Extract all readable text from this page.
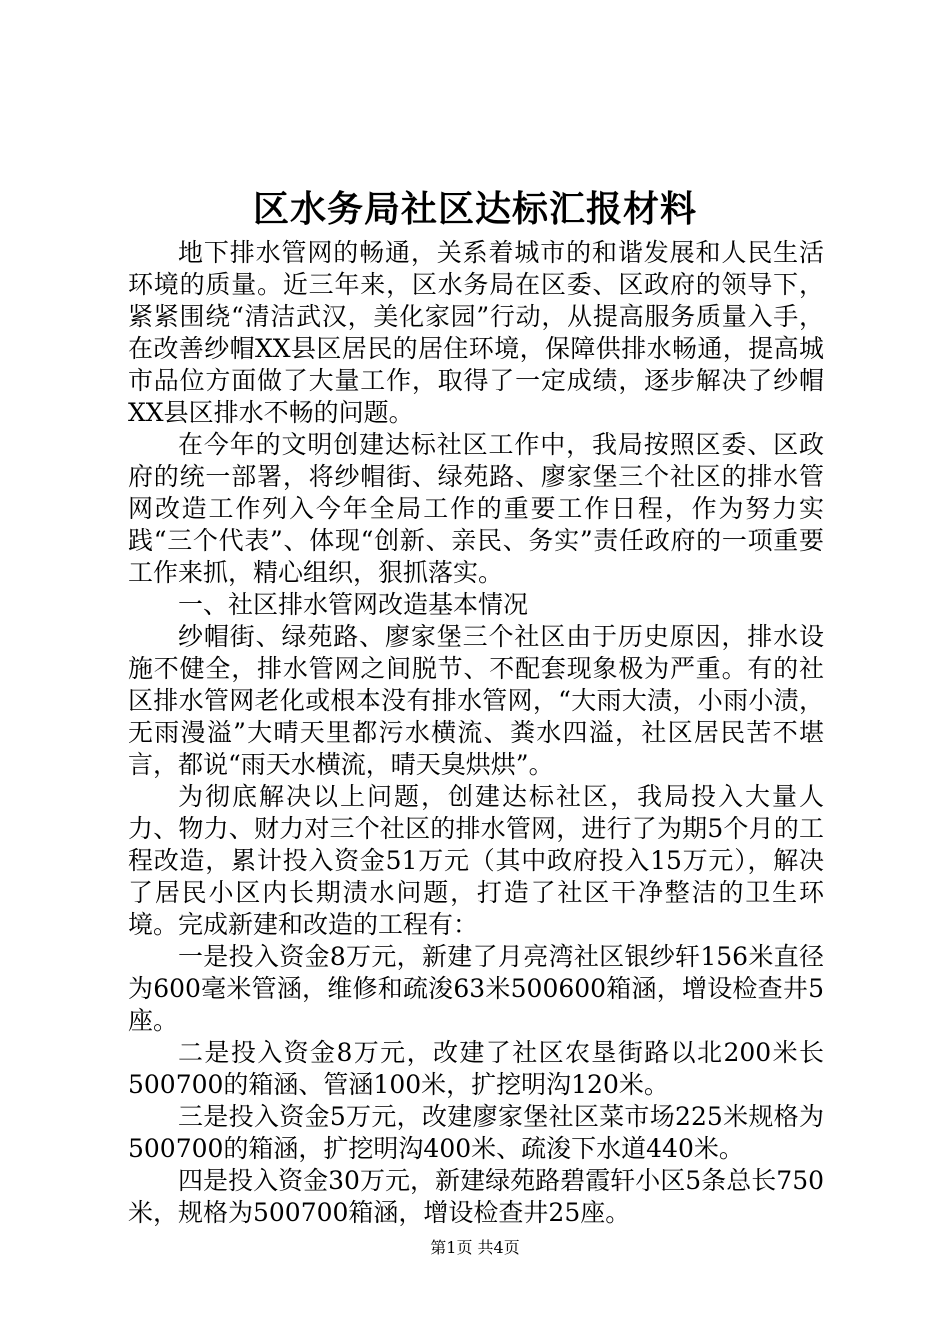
区水务局社区达标汇报材料

地下排水管网的畅通，关系着城市的和谐发展和人民生活环境的质量。近三年来，区水务局在区委、区政府的领导下，紧紧围绕“清洁武汉，美化家园”行动，从提高服务质量入手，在改善纱帽XX县区居民的居住环境，保障供排水畅通，提高城市品位方面做了大量工作，取得了一定成绩，逐步解决了纱帽XX县区排水不畅的问题。

在今年的文明创建达标社区工作中，我局按照区委、区政府的统一部署，将纱帽街、绿苑路、廖家堡三个社区的排水管网改造工作列入今年全局工作的重要工作日程，作为努力实践“三个代表”、体现“创新、亲民、务实”责任政府的一项重要工作来抓，精心组织，狠抓落实。

一、社区排水管网改造基本情况

纱帽街、绿苑路、廖家堡三个社区由于历史原因，排水设施不健全，排水管网之间脱节、不配套现象极为严重。有的社区排水管网老化或根本没有排水管网，“大雨大渍，小雨小渍，无雨漫溢”大晴天里都污水横流、粪水四溢，社区居民苦不堪言，都说“雨天水横流，晴天臭烘烘”。

为彻底解决以上问题，创建达标社区，我局投入大量人力、物力、财力对三个社区的排水管网，进行了为期5个月的工程改造，累计投入资金51万元（其中政府投入15万元），解决了居民小区内长期渍水问题，打造了社区干净整洁的卫生环境。完成新建和改造的工程有：

一是投入资金8万元，新建了月亮湾社区银纱轩156米直径为600毫米管涵，维修和疏浚63米500600箱涵，增设检查井5座。

二是投入资金8万元，改建了社区农垦街路以北200米长500700的箱涵、管涵100米，扩挖明沟120米。

三是投入资金5万元，改建廖家堡社区菜市场225米规格为500700的箱涵，扩挖明沟400米、疏浚下水道440米。

四是投入资金30万元，新建绿苑路碧霞轩小区5条总长750米，规格为500700箱涵，增设检查井25座。

第1页 共4页
